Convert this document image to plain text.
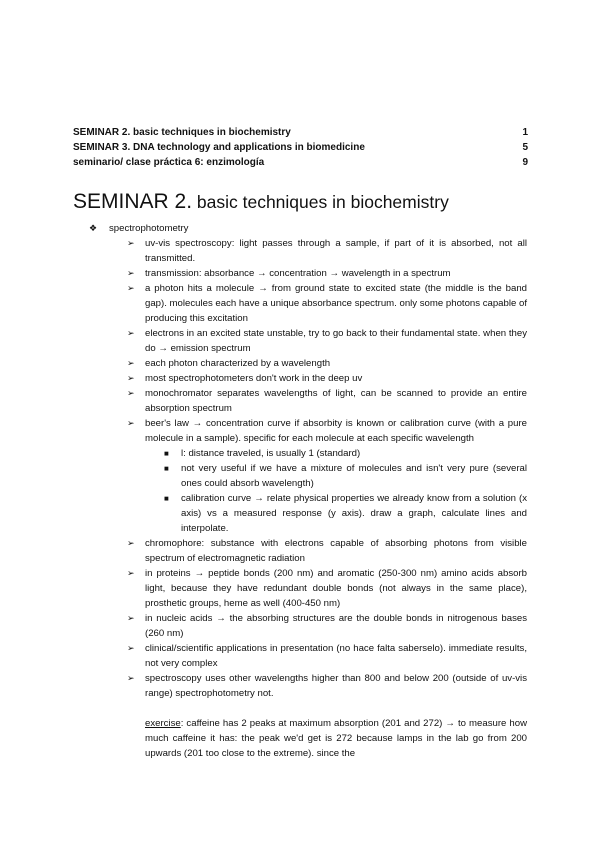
SEMINAR 2. basic techniques in biochemistry	1
SEMINAR 3. DNA technology and applications in biomedicine	5
seminario/ clase práctica 6: enzimología	9
SEMINAR 2. basic techniques in biochemistry
❖ spectrophotometry
➢ uv-vis spectroscopy: light passes through a sample, if part of it is absorbed, not all transmitted.
➢ transmission: absorbance → concentration → wavelength in a spectrum
➢ a photon hits a molecule → from ground state to excited state (the middle is the band gap). molecules each have a unique absorbance spectrum. only some photons capable of producing this excitation
➢ electrons in an excited state unstable, try to go back to their fundamental state. when they do → emission spectrum
➢ each photon characterized by a wavelength
➢ most spectrophotometers don't work in the deep uv
➢ monochromator separates wavelengths of light, can be scanned to provide an entire absorption spectrum
➢ beer's law → concentration curve if absorbity is known or calibration curve (with a pure molecule in a sample). specific for each molecule at each specific wavelength
■ l: distance traveled, is usually 1 (standard)
■ not very useful if we have a mixture of molecules and isn't very pure (several ones could absorb wavelength)
■ calibration curve → relate physical properties we already know from a solution (x axis) vs a measured response (y axis). draw a graph, calculate lines and interpolate.
➢ chromophore: substance with electrons capable of absorbing photons from visible spectrum of electromagnetic radiation
➢ in proteins → peptide bonds (200 nm) and aromatic (250-300 nm) amino acids absorb light, because they have redundant double bonds (not always in the same place), prosthetic groups, heme as well (400-450 nm)
➢ in nucleic acids → the absorbing structures are the double bonds in nitrogenous bases (260 nm)
➢ clinical/scientific applications in presentation (no hace falta saberselo). immediate results, not very complex
➢ spectroscopy uses other wavelengths higher than 800 and below 200 (outside of uv-vis range) spectrophotometry not.
exercise: caffeine has 2 peaks at maximum absorption (201 and 272) → to measure how much caffeine it has: the peak we'd get is 272 because lamps in the lab go from 200 upwards (201 too close to the extreme). since the
